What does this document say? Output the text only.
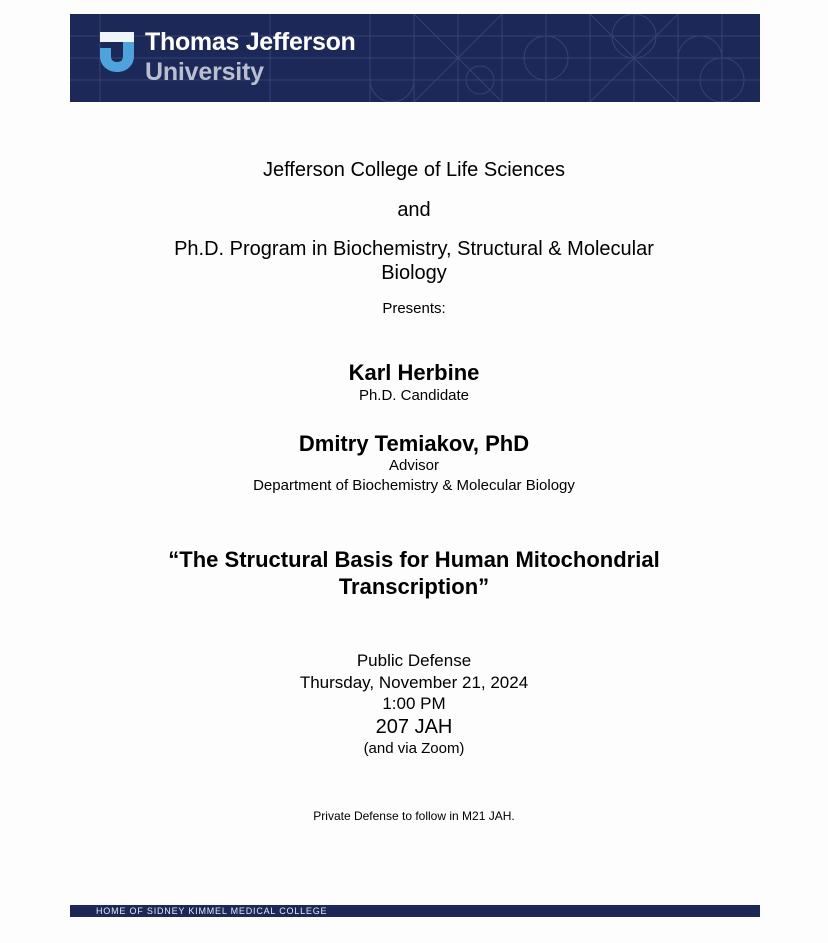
Thomas Jefferson
University
Jefferson College of Life Sciences
and
Ph.D. Program in Biochemistry, Structural & Molecular Biology
Presents:
Karl Herbine
Ph.D. Candidate
Dmitry Temiakov, PhD
Advisor
Department of Biochemistry & Molecular Biology
“The Structural Basis for Human Mitochondrial Transcription”
Public Defense
Thursday, November 21, 2024
1:00 PM
207 JAH
(and via Zoom)
Private Defense to follow in M21 JAH.
HOME OF SIDNEY KIMMEL MEDICAL COLLEGE
